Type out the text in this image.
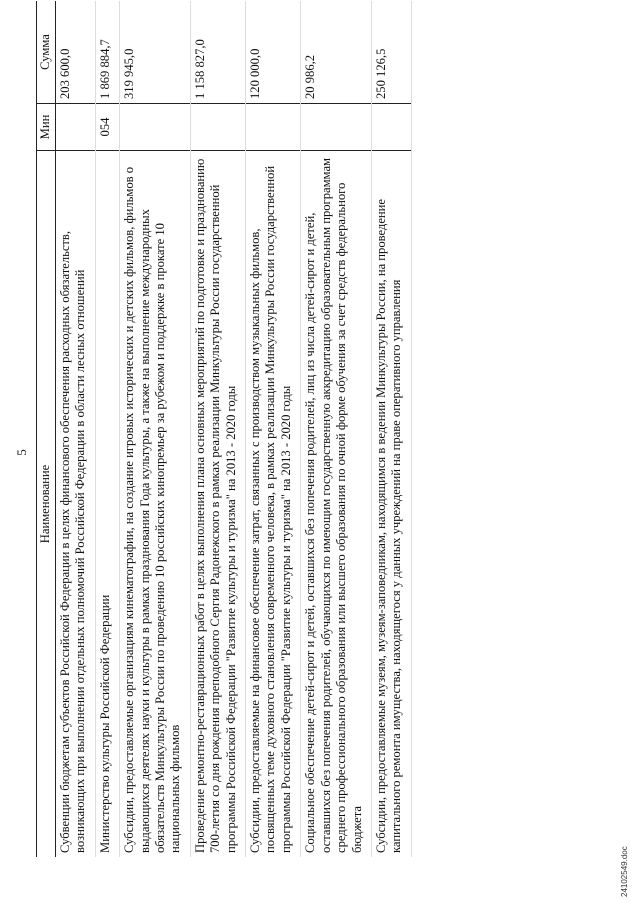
5
Наименование	Мин	Сумма
Субвенции бюджетам субъектов Российской Федерации в целях финансового обеспечения расходных обязательств, возникающих при выполнении отдельных полномочий Российской Федерации в области лесных отношений		203 600,0
Министерство культуры Российской Федерации	054	1 869 884,7
Субсидии, предоставляемые организациям кинематографии, на создание игровых исторических и детских фильмов, фильмов о выдающихся деятелях науки и культуры в рамках празднования Года культуры, а также на выполнение международных обязательств Минкультуры России по проведению 10 российских кинопремьер за рубежом и поддержке в прокате 10 национальных фильмов		319 945,0
Проведение ремонтно-реставрационных работ в целях выполнения плана основных мероприятий по подготовке и празднованию 700-летия со дня рождения преподобного Сергия Радонежского в рамках реализации Минкультуры России государственной программы Российской Федерации "Развитие культуры и туризма" на 2013 - 2020 годы		1 158 827,0
Субсидии, предоставляемые на финансовое обеспечение затрат, связанных с производством музыкальных фильмов, посвященных теме духовного становления современного человека, в рамках реализации Минкультуры России государственной программы Российской Федерации "Развитие культуры и туризма" на 2013 - 2020 годы		120 000,0
Социальное обеспечение детей-сирот и детей, оставшихся без попечения родителей, лиц из числа детей-сирот и детей, оставшихся без попечения родителей, обучающихся по имеющим государственную аккредитацию образовательным программам среднего профессионального образования или высшего образования по очной форме обучения за счет средств федерального бюджета		20 986,2
Субсидии, предоставляемые музеям, музеям-заповедникам, находящимся в ведении Минкультуры России, на проведение капитального ремонта имущества, находящегося у данных учреждений на праве оперативного управления		250 126,5
24102549.doc
